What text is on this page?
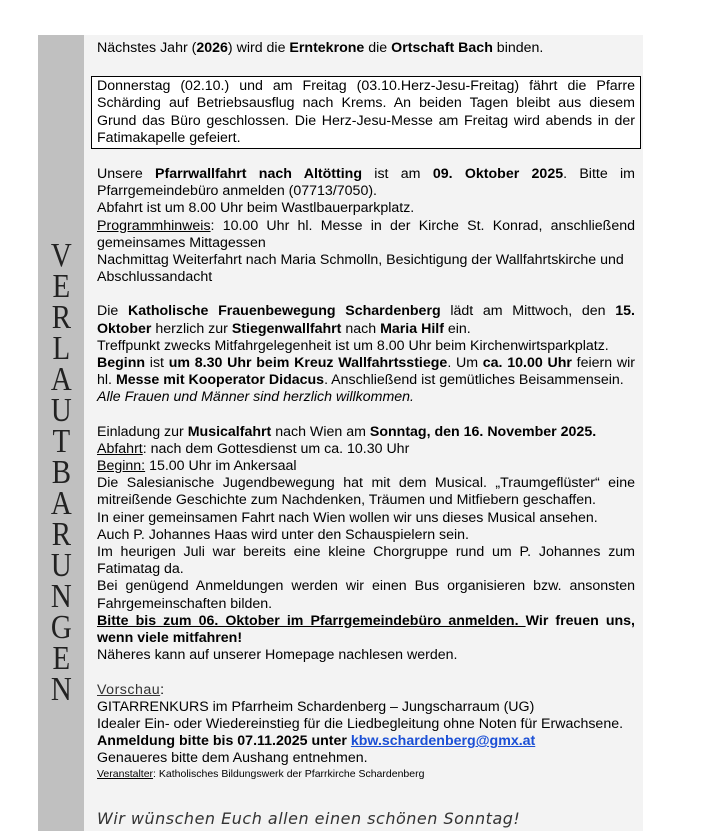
V
E
R
L
A
U
T
B
A
R
U
N
G
E
N

Nächstes Jahr (2026) wird die Erntekrone die Ortschaft Bach binden.

Donnerstag (02.10.) und am Freitag (03.10.Herz-Jesu-Freitag) fährt die Pfarre Schärding auf Betriebsausflug nach Krems. An beiden Tagen bleibt aus diesem Grund das Büro geschlossen. Die Herz-Jesu-Messe am Freitag wird abends in der Fatimakapelle gefeiert.

Unsere Pfarrwallfahrt nach Altötting ist am 09. Oktober 2025. Bitte im Pfarrgemeindebüro anmelden (07713/7050).

Abfahrt ist um 8.00 Uhr beim Wastlbauerparkplatz.

Programmhinweis: 10.00 Uhr hl. Messe in der Kirche St. Konrad, anschließend gemeinsames Mittagessen

Nachmittag Weiterfahrt nach Maria Schmolln, Besichtigung der Wallfahrtskirche und Abschlussandacht

Die Katholische Frauenbewegung Schardenberg lädt am Mittwoch, den 15. Oktober herzlich zur Stiegenwallfahrt nach Maria Hilf ein.

Treffpunkt zwecks Mitfahrgelegenheit ist um 8.00 Uhr beim Kirchenwirtsparkplatz.

Beginn ist um 8.30 Uhr beim Kreuz Wallfahrtsstiege. Um ca. 10.00 Uhr feiern wir hl. Messe mit Kooperator Didacus. Anschließend ist gemütliches Beisammensein.

Alle Frauen und Männer sind herzlich willkommen.

Einladung zur Musicalfahrt nach Wien am Sonntag, den 16. November 2025.

Abfahrt: nach dem Gottesdienst um ca. 10.30 Uhr

Beginn: 15.00 Uhr im Ankersaal

Die Salesianische Jugendbewegung hat mit dem Musical. „Traumgeflüster“ eine mitreißende Geschichte zum Nachdenken, Träumen und Mitfiebern geschaffen.

In einer gemeinsamen Fahrt nach Wien wollen wir uns dieses Musical ansehen.

Auch P. Johannes Haas wird unter den Schauspielern sein.

Im heurigen Juli war bereits eine kleine Chorgruppe rund um P. Johannes zum Fatimatag da.

Bei genügend Anmeldungen werden wir einen Bus organisieren bzw. ansonsten Fahrgemeinschaften bilden.

Bitte bis zum 06. Oktober im Pfarrgemeindebüro anmelden. Wir freuen uns, wenn viele mitfahren!

Näheres kann auf unserer Homepage nachlesen werden.

Vorschau:

GITARRENKURS im Pfarrheim Schardenberg – Jungscharraum (UG)

Idealer Ein- oder Wiedereinstieg für die Liedbegleitung ohne Noten für Erwachsene.

Anmeldung bitte bis 07.11.2025 unter kbw.schardenberg@gmx.at

Genaueres bitte dem Aushang entnehmen.

Veranstalter: Katholisches Bildungswerk der Pfarrkirche Schardenberg

Wir wünschen Euch allen einen schönen Sonntag!
